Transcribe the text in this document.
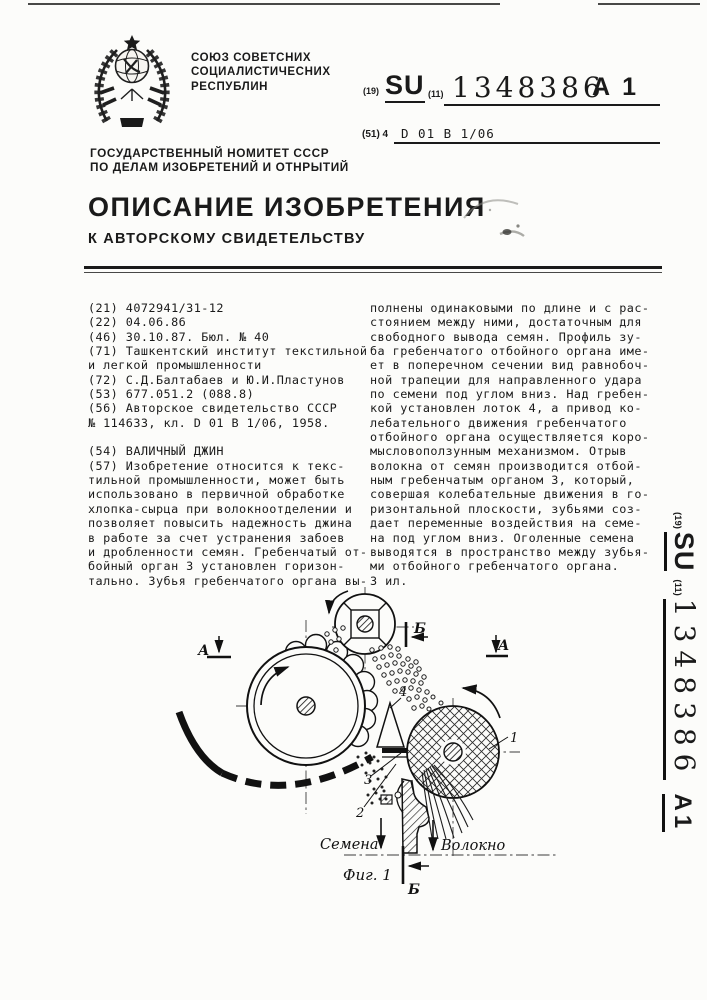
СОЮЗ СОВЕТСНИХ
СОЦИАЛИСТИЧЕСНИХ
РЕСПУБЛИН
ГОСУДАРСТВЕННЫЙ НОМИТЕТ СССР
ПО ДЕЛАМ ИЗОБРЕТЕНИЙ И ОТНРЫТИЙ
(19) SU (11) 1348386
A 1
(51) 4 D 01 B 1/06
ОПИСАНИЕ ИЗОБРЕТЕНИЯ
К АВТОРСКОМУ СВИДЕТЕЛЬСТВУ
(21) 4072941/31-12
(22) 04.06.86
(46) 30.10.87. Бюл. № 40
(71) Ташкентский институт текстильной
и легкой промышленности
(72) С.Д.Балтабаев и Ю.И.Пластунов
(53) 677.051.2 (088.8)
(56) Авторское свидетельство СССР
№ 114633, кл. D 01 B 1/06, 1958.

(54) ВАЛИЧНЫЙ ДЖИН
(57) Изобретение относится к текс-
тильной промышленности, может быть
использовано в первичной обработке
хлопка-сырца при волокноотделении и
позволяет повысить надежность джина
в работе за счет устранения забоев
и дробленности семян. Гребенчатый от-
бойный орган 3 установлен горизон-
тально. Зубья гребенчатого органа вы-
полнены одинаковыми по длине и с рас-
стоянием между ними, достаточным для
свободного вывода семян. Профиль зу-
ба гребенчатого отбойного органа име-
ет в поперечном сечении вид равнобоч-
ной трапеции для направленного удара
по семени под углом вниз. Над гребен-
кой установлен лоток 4, а привод ко-
лебательного движения гребенчатого
отбойного органа осуществляется коро-
мысловоползунным механизмом. Отрыв
волокна от семян производится отбой-
ным гребенчатым органом 3, который,
совершая колебательные движения в го-
ризонтальной плоскости, зубьями соз-
дает переменные воздействия на семе-
на под углом вниз. Оголенные семена
выводятся в пространство между зубья-
ми отбойного гребенчатого органа.
3 ил.
(19)
SU
(11)
1348386
A1
А	А
Б
Б
1
2
3
4
Семена	Волокно
Фиг. 1
